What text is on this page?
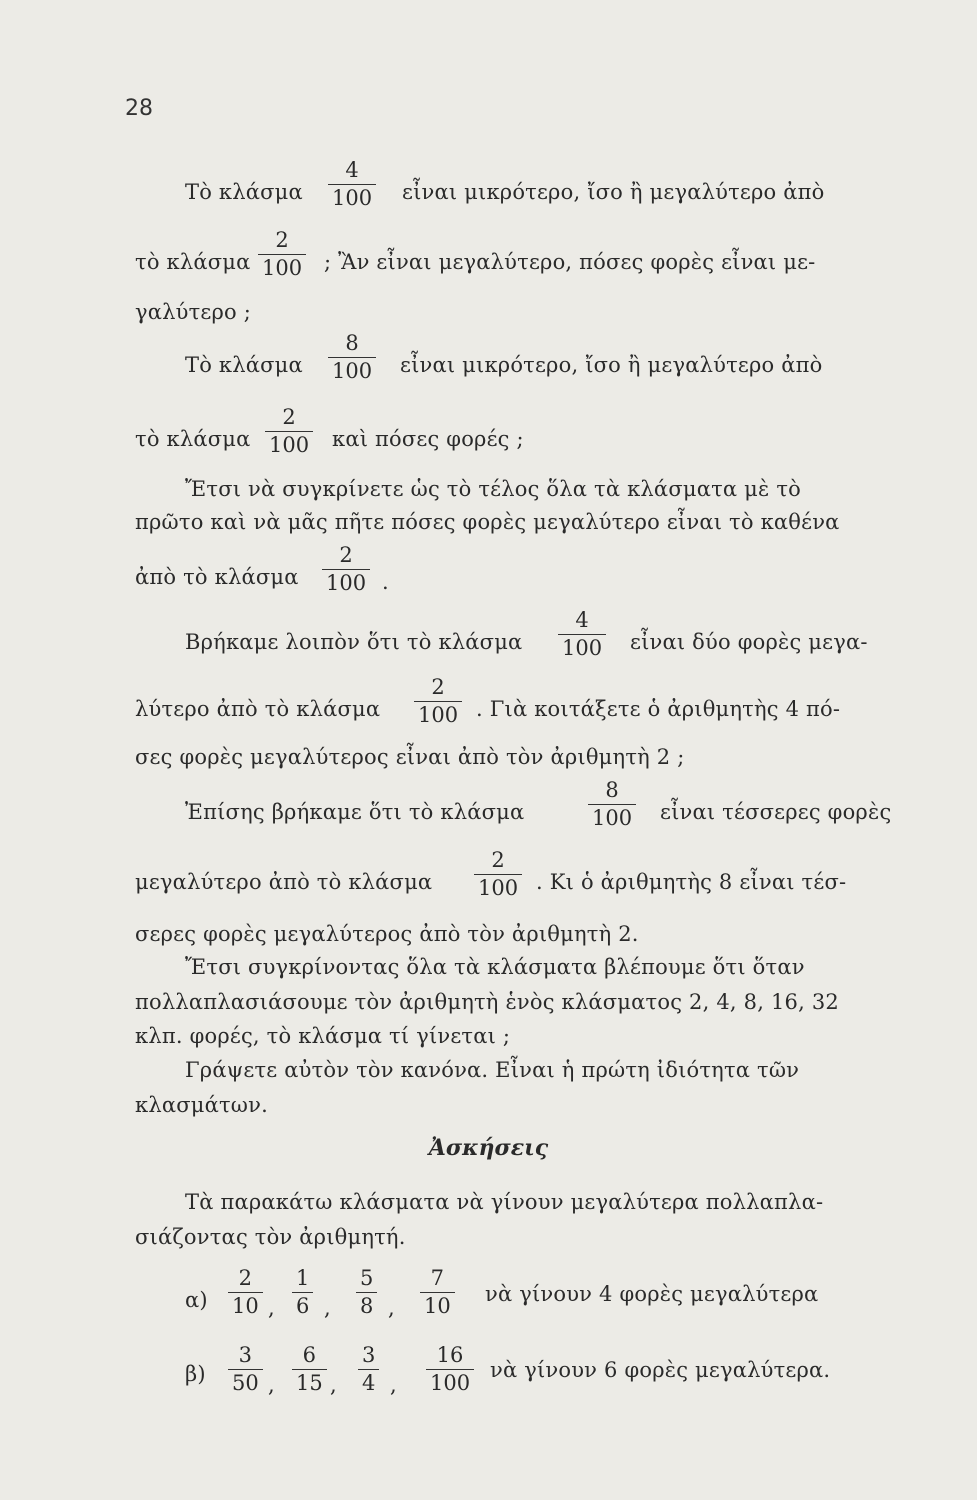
28
Τὸ κλάσμα $\frac{4}{100}$ εἶναι μικρότερο, ἴσο ἢ μεγαλύτερο ἀπὸ
τὸ κλάσμα $\frac{2}{100}$ ; Ἂν εἶναι μεγαλύτερο, πόσες φορὲς εἶναι με-
γαλύτερο ;
Τὸ κλάσμα $\frac{8}{100}$ εἶναι μικρότερο, ἴσο ἢ μεγαλύτερο ἀπὸ
τὸ κλάσμα $\frac{2}{100}$ καὶ πόσες φορές ;
Ἔτσι νὰ συγκρίνετε ὡς τὸ τέλος ὅλα τὰ κλάσματα μὲ τὸ
πρῶτο καὶ νὰ μᾶς πῆτε πόσες φορὲς μεγαλύτερο εἶναι τὸ καθένα
ἀπὸ τὸ κλάσμα $\frac{2}{100}$ .
Βρήκαμε λοιπὸν ὅτι τὸ κλάσμα $\frac{4}{100}$ εἶναι δύο φορὲς μεγα-
λύτερο ἀπὸ τὸ κλάσμα $\frac{2}{100}$ . Γιὰ κοιτάξετε ὁ ἀριθμητὴς 4 πό-
σες φορὲς μεγαλύτερος εἶναι ἀπὸ τὸν ἀριθμητὴ 2 ;
Ἐπίσης βρήκαμε ὅτι τὸ κλάσμα	$\frac{8}{100}$ εἶναι τέσσερες φορὲς
μεγαλύτερο ἀπὸ τὸ κλάσμα $\frac{2}{100}$ . Κι ὁ ἀριθμητὴς 8 εἶναι τέσ-
σερες φορὲς μεγαλύτερος ἀπὸ τὸν ἀριθμητὴ 2.
Ἔτσι συγκρίνοντας ὅλα τὰ κλάσματα βλέπουμε ὅτι ὅταν
πολλαπλασιάσουμε τὸν ἀριθμητὴ ἑνὸς κλάσματος 2, 4, 8, 16, 32
κλπ. φορές, τὸ κλάσμα τί γίνεται ;
Γράψετε αὐτὸν τὸν κανόνα. Εἶναι ἡ πρώτη ἰδιότητα τῶν
κλασμάτων.
Ἀσκήσεις
Τὰ παρακάτω κλάσματα νὰ γίνουν μεγαλύτερα πολλαπλα-
σιάζοντας τὸν ἀριθμητή.
$\alpha) \frac{2}{10}$ , $\frac{1}{6}$ , $\frac{5}{8}$ , $\frac{7}{10}$ νὰ γίνουν 4 φορὲς μεγαλύτερα
$\beta) \frac{3}{50}$ , $\frac{6}{15}$ , $\frac{3}{4}$ , $\frac{16}{100}$ νὰ γίνουν 6 φορὲς μεγαλύτερα.
